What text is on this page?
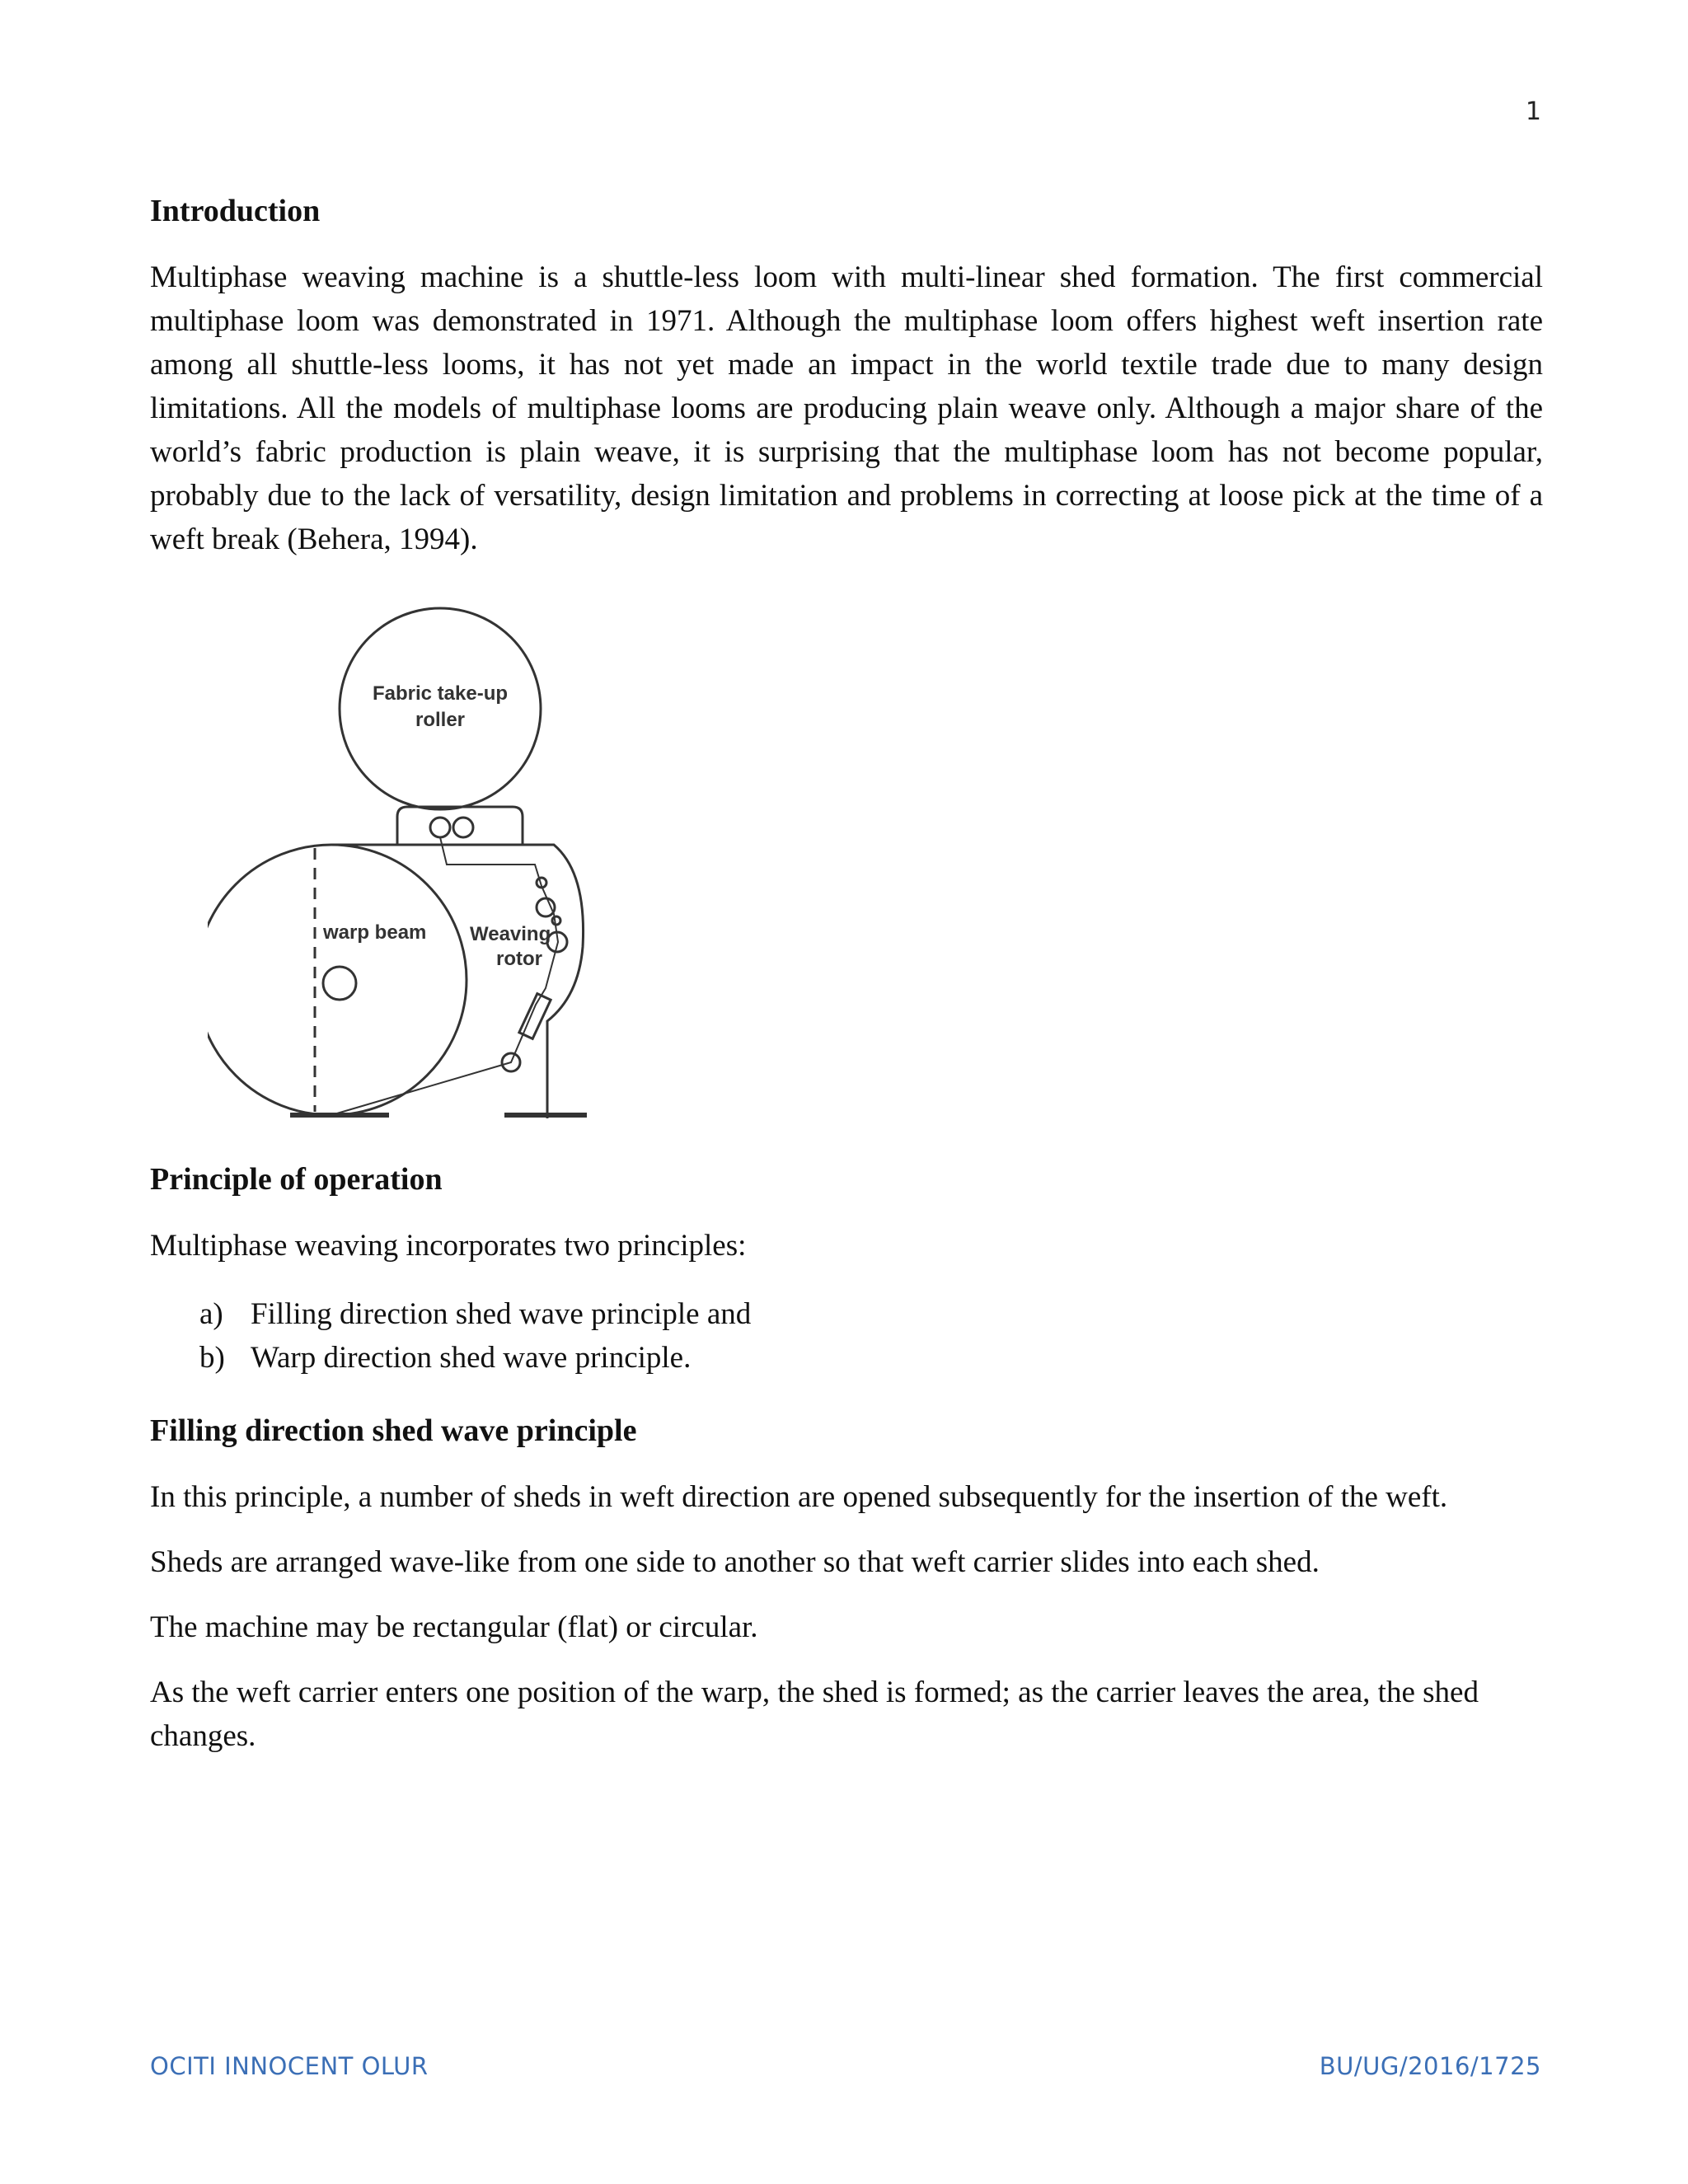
1
Introduction

Multiphase weaving machine is a shuttle-less loom with multi-linear shed formation. The first commercial multiphase loom was demonstrated in 1971. Although the multiphase loom offers highest weft insertion rate among all shuttle-less looms, it has not yet made an impact in the world textile trade due to many design limitations. All the models of multiphase looms are producing plain weave only. Although a major share of the world’s fabric production is plain weave, it is surprising that the multiphase loom has not become popular, probably due to the lack of versatility, design limitation and problems in correcting at loose pick at the time of a weft break (Behera, 1994).

Fabric take-up
roller
warp beam Weaving
rotor
Principle of operation

Multiphase weaving incorporates two principles:

a) Filling direction shed wave principle and
b) Warp direction shed wave principle.
Filling direction shed wave principle

In this principle, a number of sheds in weft direction are opened subsequently for the insertion of the weft.

Sheds are arranged wave-like from one side to another so that weft carrier slides into each shed.

The machine may be rectangular (flat) or circular.

As the weft carrier enters one position of the warp, the shed is formed; as the carrier leaves the area, the shed changes.

OCITI INNOCENT OLUR	BU/UG/2016/1725
